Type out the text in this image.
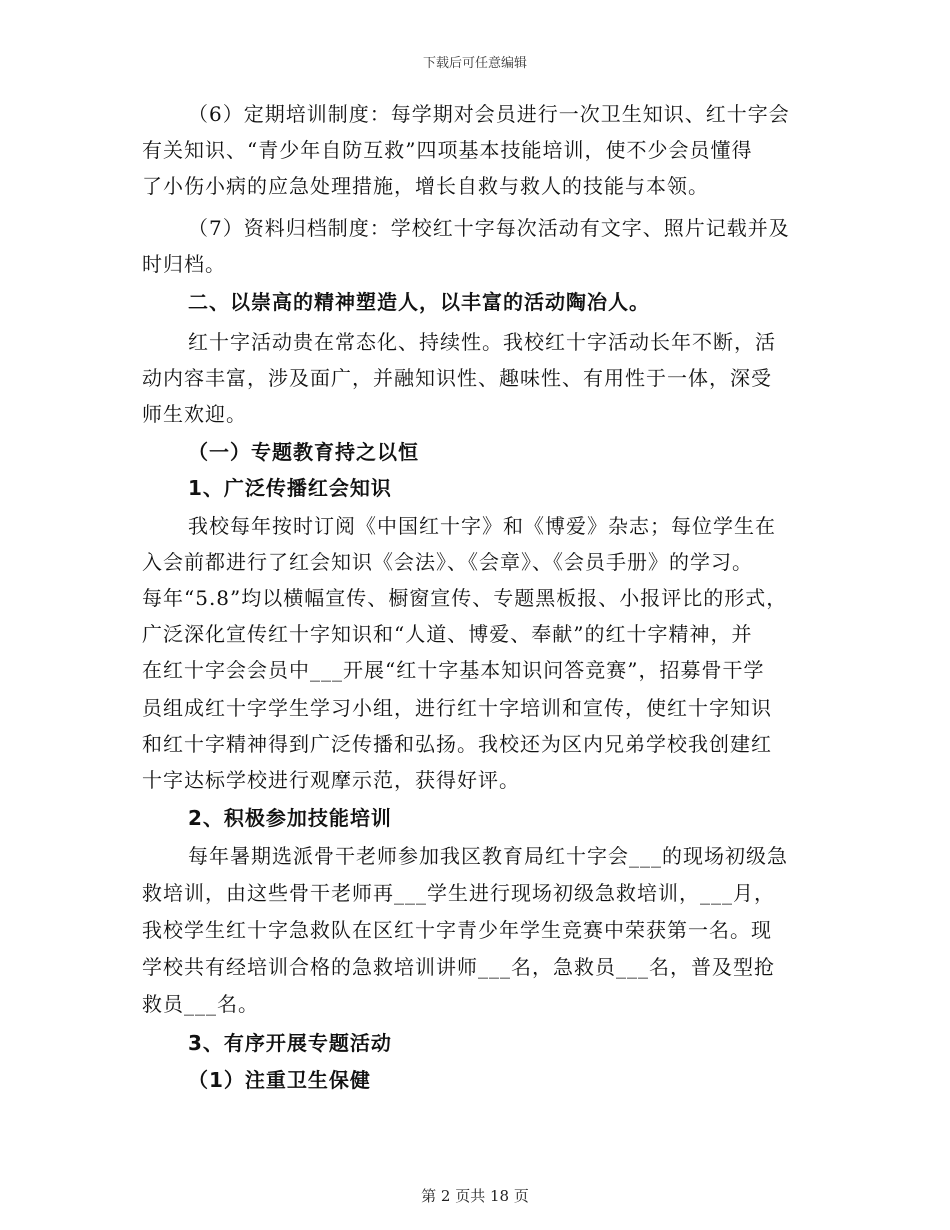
下载后可任意编辑
（6）定期培训制度：每学期对会员进行一次卫生知识、红十字会
有关知识、“青少年自防互救”四项基本技能培训，使不少会员懂得
了小伤小病的应急处理措施，增长自救与救人的技能与本领。
（7）资料归档制度：学校红十字每次活动有文字、照片记载并及
时归档。
二、以崇高的精神塑造人，以丰富的活动陶冶人。
红十字活动贵在常态化、持续性。我校红十字活动长年不断，活
动内容丰富，涉及面广，并融知识性、趣味性、有用性于一体，深受
师生欢迎。
（一）专题教育持之以恒
1、广泛传播红会知识
我校每年按时订阅《中国红十字》和《博爱》杂志；每位学生在
入会前都进行了红会知识《会法》、《会章》、《会员手册》的学习。
每年“5.8”均以横幅宣传、橱窗宣传、专题黑板报、小报评比的形式，
广泛深化宣传红十字知识和“人道、博爱、奉献”的红十字精神，并
在红十字会会员中___开展“红十字基本知识问答竞赛”，招募骨干学
员组成红十字学生学习小组，进行红十字培训和宣传，使红十字知识
和红十字精神得到广泛传播和弘扬。我校还为区内兄弟学校我创建红
十字达标学校进行观摩示范，获得好评。
2、积极参加技能培训
每年暑期选派骨干老师参加我区教育局红十字会___的现场初级急
救培训，由这些骨干老师再___学生进行现场初级急救培训，___月，
我校学生红十字急救队在区红十字青少年学生竞赛中荣获第一名。现
学校共有经培训合格的急救培训讲师___名，急救员___名，普及型抢
救员___名。
3、有序开展专题活动
（1）注重卫生保健
第 2 页共 18 页
